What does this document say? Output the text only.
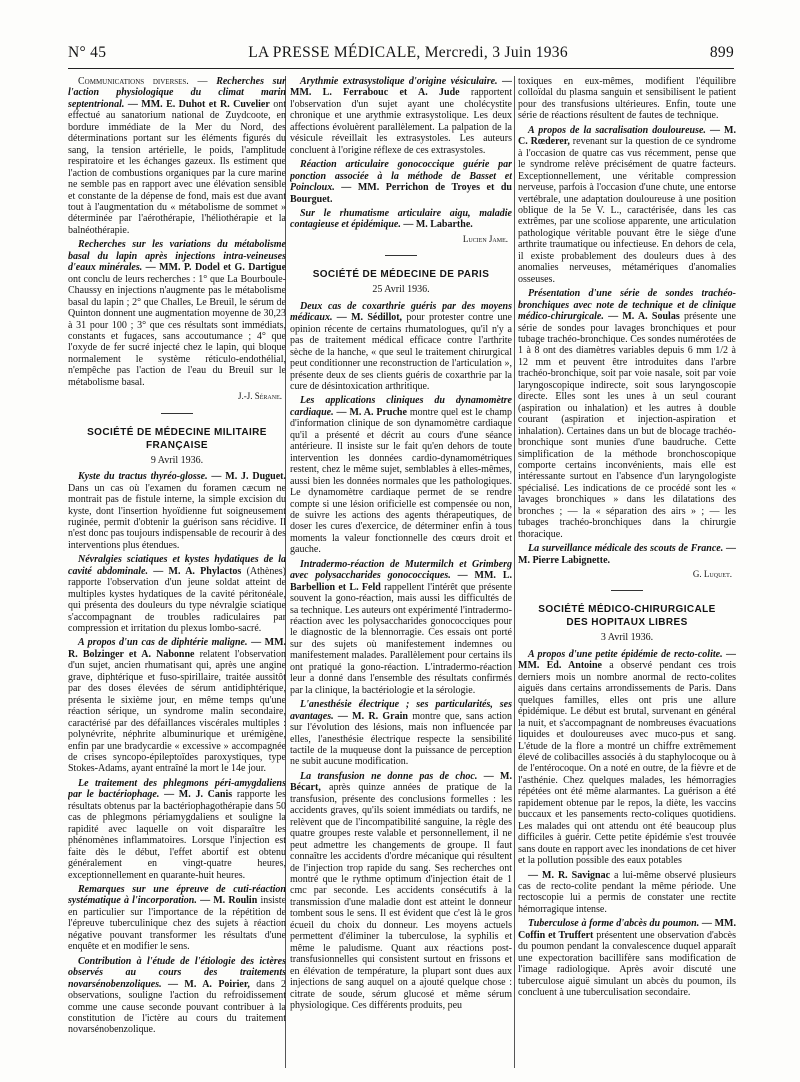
N° 45	LA PRESSE MÉDICALE, Mercredi, 3 Juin 1936	899

Communications diverses. — Recherches sur l'action physiologique du climat marin septentrional. — MM. E. Duhot et R. Cuvelier ont effectué au sanatorium national de Zuydcoote, en bordure immédiate de la Mer du Nord, des déterminations portant sur les éléments figurés du sang, la tension artérielle, le poids, l'amplitude respiratoire et les échanges gazeux. Ils estiment que l'action de combustions organiques par la cure marine ne semble pas en rapport avec une élévation sensible et constante de la dépense de fond, mais est due avant tout à l'augmentation du « métabolisme de sommet » déterminée par l'aérothérapie, l'héliothérapie et la balnéothérapie.

Recherches sur les variations du métabolisme basal du lapin après injections intra-veineuses d'eaux minérales. — MM. P. Dodel et G. Dartigue ont conclu de leurs recherches : 1° que La Bourboule-Chaussy en injections n'augmente pas le métabolisme basal du lapin ; 2° que Challes, Le Breuil, le sérum de Quinton donnent une augmentation moyenne de 30,23 à 31 pour 100 ; 3° que ces résultats sont immédiats, constants et fugaces, sans accoutumance ; 4° que l'oxyde de fer sucré injecté chez le lapin, qui bloque normalement le système réticulo-endothélial, n'empêche pas l'action de l'eau du Breuil sur le métabolisme basal.

J.-J. Sérane.
SOCIÉTÉ DE MÉDECINE MILITAIRE FRANÇAISE
9 Avril 1936.

Kyste du tractus thyréo-glosse. — M. J. Duguet. Dans un cas où l'examen du foramen cæcum ne montrait pas de fistule interne, la simple excision du kyste, dont l'insertion hyoïdienne fut soigneusement ruginée, permit d'obtenir la guérison sans récidive. Il n'est donc pas toujours indispensable de recourir à des interventions plus étendues.

Névralgies sciatiques et kystes hydatiques de la cavité abdominale. — M. A. Phylactos (Athènes) rapporte l'observation d'un jeune soldat atteint de multiples kystes hydatiques de la cavité péritonéale, qui présenta des douleurs du type névralgie sciatique s'accompagnant de troubles radiculaires par compression et irritation du plexus lombo-sacré.

A propos d'un cas de diphtérie maligne. — MM. R. Bolzinger et A. Nabonne relatent l'observation d'un sujet, ancien rhumatisant qui, après une angine grave, diphtérique et fuso-spirillaire, traitée aussitôt par des doses élevées de sérum antidiphtérique, présenta le sixième jour, en même temps qu'une réaction sérique, un syndrome malin secondaire, caractérisé par des défaillances viscérales multiples : polynévrite, néphrite albuminurique et urémigène, enfin par une bradycardie « excessive » accompagnée de crises syncopo-épileptoïdes paroxystiques, type Stokes-Adams, ayant entraîné la mort le 14e jour.

Le traitement des phlegmons péri-amygdaliens par le bactériophage. — M. J. Canis rapporte les résultats obtenus par la bactériophagothérapie dans 50 cas de phlegmons périamygdaliens et souligne la rapidité avec laquelle on voit disparaître les phénomènes inflammatoires. Lorsque l'injection est faite dès le début, l'effet abortif est obtenu généralement en vingt-quatre heures, exceptionnellement en quarante-huit heures.

Remarques sur une épreuve de cuti-réaction systématique à l'incorporation. — M. Roulin insiste en particulier sur l'importance de la répétition de l'épreuve tuberculinique chez des sujets à réaction négative pouvant transformer les résultats d'une enquête et en modifier le sens.

Contribution à l'étude de l'étiologie des ictères observés au cours des traitements novarsénobenzoliques. — M. A. Poirier, dans 2 observations, souligne l'action du refroidissement comme une cause seconde pouvant contribuer à la constitution de l'ictère au cours du traitement novarsénobenzolique.

Arythmie extrasystolique d'origine vésiculaire. — MM. L. Ferrabouc et A. Jude rapportent l'observation d'un sujet ayant une cholécystite chronique et une arythmie extrasystolique. Les deux affections évoluèrent parallèlement. La palpation de la vésicule réveillait les extrasystoles. Les auteurs concluent à l'origine réflexe de ces extrasystoles.

Réaction articulaire gonococcique guérie par ponction associée à la méthode de Basset et Poincloux. — MM. Perrichon de Troyes et du Bourguet.

Sur le rhumatisme articulaire aigu, maladie contagieuse et épidémique. — M. Labarthe.

Lucien Jame.
SOCIÉTÉ DE MÉDECINE DE PARIS
25 Avril 1936.

Deux cas de coxarthrie guéris par des moyens médicaux. — M. Sédillot, pour protester contre une opinion récente de certains rhumatologues, qu'il n'y a pas de traitement médical efficace contre l'arthrite sèche de la hanche, « que seul le traitement chirurgical peut conditionner une reconstruction de l'articulation », présente deux de ses clients guéris de coxarthrie par la cure de désintoxication arthritique.

Les applications cliniques du dynamomètre cardiaque. — M. A. Pruche montre quel est le champ d'information clinique de son dynamomètre cardiaque qu'il a présenté et décrit au cours d'une séance antérieure. Il insiste sur le fait qu'en dehors de toute intervention les données cardio-dynamométriques restent, chez le même sujet, semblables à elles-mêmes, aussi bien les données normales que les pathologiques. Le dynamomètre cardiaque permet de se rendre compte si une lésion orificielle est compensée ou non, de suivre les actions des agents thérapeutiques, de doser les cures d'exercice, de déterminer enfin à tous moments la valeur fonctionnelle des cœurs droit et gauche.

Intradermo-réaction de Mutermilch et Grimberg avec polysaccharides gonococciques. — MM. L. Barbellion et L. Feld rappellent l'intérêt que présente souvent la gono-réaction, mais aussi les difficultés de sa technique. Les auteurs ont expérimenté l'intradermo-réaction avec les polysaccharides gonococciques pour le diagnostic de la blennorragie. Ces essais ont porté sur des sujets où manifestement indemnes ou manifestement malades. Parallèlement pour certains ils ont pratiqué la gono-réaction. L'intradermo-réaction leur a donné dans l'ensemble des résultats confirmés par la clinique, la bactériologie et la sérologie.

L'anesthésie électrique ; ses particularités, ses avantages. — M. R. Grain montre que, sans action sur l'évolution des lésions, mais non influencée par elles, l'anesthésie électrique respecte la sensibilité tactile de la muqueuse dont la puissance de perception ne subit aucune modification.

La transfusion ne donne pas de choc. — M. Bécart, après quinze années de pratique de la transfusion, présente des conclusions formelles : les accidents graves, qu'ils soient immédiats ou tardifs, ne relèvent que de l'incompatibilité sanguine, la règle des quatre groupes reste valable et personnellement, il ne peut admettre les changements de groupe. Il faut connaître les accidents d'ordre mécanique qui résultent de l'injection trop rapide du sang. Ses recherches ont montré que le rythme optimum d'injection était de 1 cmc par seconde. Les accidents consécutifs à la transmission d'une maladie dont est atteint le donneur tombent sous le sens. Il est évident que c'est là le gros écueil du choix du donneur. Les moyens actuels permettent d'éliminer la tuberculose, la syphilis et même le paludisme. Quant aux réactions post-transfusionnelles qui consistent surtout en frissons et en élévation de température, la plupart sont dues aux injections de sang auquel on a ajouté quelque chose : citrate de soude, sérum glucosé et même sérum physiologique. Ces différents produits, peu

toxiques en eux-mêmes, modifient l'équilibre colloïdal du plasma sanguin et sensibilisent le patient pour des transfusions ultérieures. Enfin, toute une série de réactions résultent de fautes de technique.

A propos de la sacralisation douloureuse. — M. C. Rœderer, revenant sur la question de ce syndrome à l'occasion de quatre cas vus récemment, pense que le syndrome relève précisément de quatre facteurs. Exceptionnellement, une véritable compression nerveuse, parfois à l'occasion d'une chute, une entorse vertébrale, une adaptation douloureuse à une position oblique de la 5e V. L., caractérisée, dans les cas extrêmes, par une scoliose apparente, une articulation pathologique véritable pouvant être le siège d'une arthrite traumatique ou infectieuse. En dehors de cela, il existe probablement des douleurs dues à des anomalies nerveuses, métamériques d'anomalies osseuses.

Présentation d'une série de sondes trachéo-bronchiques avec note de technique et de clinique médico-chirurgicale. — M. A. Soulas présente une série de sondes pour lavages bronchiques et pour tubage trachéo-bronchique. Ces sondes numérotées de 1 à 8 ont des diamètres variables depuis 6 mm 1/2 à 12 mm et peuvent être introduites dans l'arbre trachéo-bronchique, soit par voie nasale, soit par voie laryngoscopique indirecte, soit sous laryngoscopie directe. Elles sont les unes à un seul courant (aspiration ou inhalation) et les autres à double courant (aspiration et injection-aspiration et inhalation). Certaines dans un but de blocage trachéo-bronchique sont munies d'une baudruche. Cette simplification de la méthode bronchoscopique comporte certains inconvénients, mais elle est intéressante surtout en l'absence d'un laryngologiste spécialisé. Les indications de ce procédé sont les « lavages bronchiques » dans les dilatations des bronches ; — la « séparation des airs » ; — les tubages trachéo-bronchiques dans la chirurgie thoracique.

La surveillance médicale des scouts de France. — M. Pierre Labignette.

G. Luquet.
SOCIÉTÉ MÉDICO-CHIRURGICALE
DES HOPITAUX LIBRES
3 Avril 1936.

A propos d'une petite épidémie de recto-colite. — MM. Ed. Antoine a observé pendant ces trois derniers mois un nombre anormal de recto-colites aiguës dans certains arrondissements de Paris. Dans quelques familles, elles ont pris une allure épidémique. Le début est brutal, survenant en général la nuit, et s'accompagnant de nombreuses évacuations liquides et douloureuses avec muco-pus et sang. L'étude de la flore a montré un chiffre extrêmement élevé de colibacilles associés à du staphylocoque ou à de l'entérocoque. On a noté en outre, de la fièvre et de l'asthénie. Chez quelques malades, les hémorragies répétées ont été même alarmantes. La guérison a été rapidement obtenue par le repos, la diète, les vaccins buccaux et les pansements recto-coliques quotidiens. Les malades qui ont attendu ont été beaucoup plus difficiles à guérir. Cette petite épidémie s'est trouvée sans doute en rapport avec les inondations de cet hiver et la pollution possible des eaux potables

— M. R. Savignac a lui-même observé plusieurs cas de recto-colite pendant la même période. Une rectoscopie lui a permis de constater une rectite hémorragique intense.

Tuberculose à forme d'abcès du poumon. — MM. Coffin et Truffert présentent une observation d'abcès du poumon pendant la convalescence duquel apparaît une expectoration bacillifère sans modification de l'image radiologique. Après avoir discuté une tuberculose aiguë simulant un abcès du poumon, ils concluent à une tuberculisation secondaire.
